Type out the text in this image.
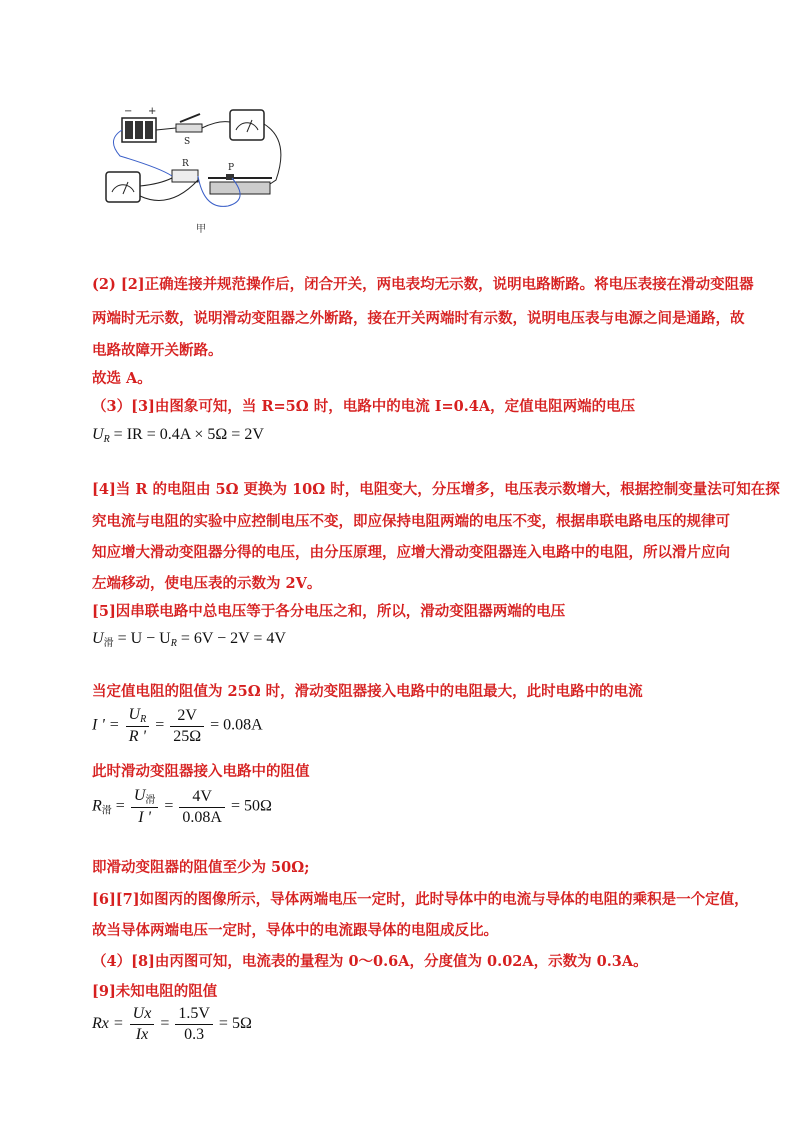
+
−
S
R	P
甲
(2) [2]正确连接并规范操作后，闭合开关，两电表均无示数，说明电路断路。将电压表接在滑动变阻器
两端时无示数，说明滑动变阻器之外断路，接在开关两端时有示数，说明电压表与电源之间是通路，故
电路故障开关断路。
故选 A。
（3）[3]由图象可知，当 R=5Ω 时，电路中的电流 I=0.4A，定值电阻两端的电压
$U_R$ = IR = 0.4A × 5Ω = 2V
[4]当 R 的电阻由 5Ω 更换为 10Ω 时，电阻变大，分压增多，电压表示数增大，根据控制变量法可知在探
究电流与电阻的实验中应控制电压不变，即应保持电阻两端的电压不变，根据串联电路电压的规律可
知应增大滑动变阻器分得的电压，由分压原理，应增大滑动变阻器连入电路中的电阻，所以滑片应向
左端移动，使电压表的示数为 2V。
[5]因串联电路中总电压等于各分电压之和，所以，滑动变阻器两端的电压
$U_滑 = U - U_R = 6V - 2V = 4V$
当定值电阻的阻值为 25Ω 时，滑动变阻器接入电路中的电阻最大，此时电路中的电流
I ' = $\frac{U_R}{R '} = \frac{2V}{25\Omega} = 0.08A$
此时滑动变阻器接入电路中的阻值
$R_滑 = \frac{U_滑}{I '} = \frac{4V}{0.08A} = 50\Omega$
即滑动变阻器的阻值至少为 50Ω;
[6][7]如图丙的图像所示，导体两端电压一定时，此时导体中的电流与导体的电阻的乘积是一个定值，
故当导体两端电压一定时，导体中的电流跟导体的电阻成反比。
（4）[8]由丙图可知，电流表的量程为 0～0.6A，分度值为 0.02A，示数为 0.3A。
[9]未知电阻的阻值
$Rx = \frac{Ux}{Ix} = \frac{1.5V}{0.3} = 5\Omega$
